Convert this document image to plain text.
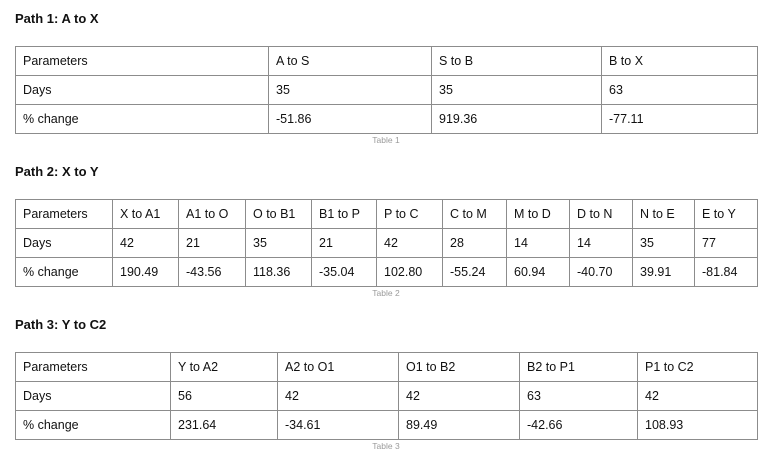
Path 1: A to X
Parameters	A to S	S to B	B to X
Days	35	35	63
% change	-51.86	919.36	-77.11
Table 1
Path 2: X to Y
Parameters	X to A1	A1 to O	O to B1	B1 to P	P to C	C to M	M to D	D to N	N to E	E to Y
Days	42	21	35	21	42	28	14	14	35	77
% change	190.49	-43.56	118.36	-35.04	102.80	-55.24	60.94	-40.70	39.91	-81.84
Table 2
Path 3: Y to C2
Parameters	Y to A2	A2 to O1	O1 to B2	B2 to P1	P1 to C2
Days	56	42	42	63	42
% change	231.64	-34.61	89.49	-42.66	108.93
Table 3
